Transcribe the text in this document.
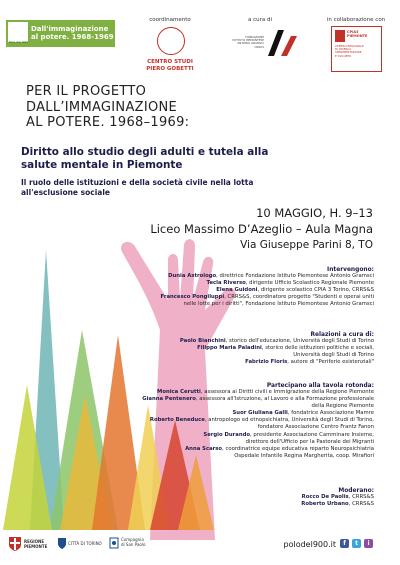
Polo del '900
Dall'immaginazione
al potere. 1968-1969
coordinamento
CENTRO STUDI
PIERO GOBETTI
a cura di
FONDAZIONE
ISTITUTO PIEMONTESE
ANTONIO GRAMSCI ONLUS
in collaborazione con
CPIA3 PIEMONTE
CENTRO REGIONALE
DI RICERCA
SPERIMENTAZIONE
E SVILUPPO
PER IL PROGETTO
DALL’IMMAGINAZIONE
AL POTERE. 1968–1969:
Diritto allo studio degli adulti e tutela alla
salute mentale in Piemonte
Il ruolo delle istituzioni e della società civile nella lotta
all'esclusione sociale
10 MAGGIO, H. 9–13
Liceo Massimo D’Azeglio – Aula Magna
Via Giuseppe Parini 8, TO
Intervengono:
Dunia Astrologo, direttrice Fondazione Istituto Piemontese Antonio Gramsci
Tecla Riverso, dirigente Ufficio Scolastico Regionale Piemonte
Elena Guidoni, dirigente scolastico CPIA 3 Torino, CRRS&S
Francesco Pongiluppi, CRRS&S, coordinatore progetto "Studenti e operai uniti
nelle lotte per i diritti", Fondazione Istituto Piemontese Antonio Gramsci
Relazioni a cura di:
Paolo Bianchini, storico dell'educazione, Università degli Studi di Torino
Filippo Maria Paladini, storico delle istituzioni politiche e sociali,
Università degli Studi di Torino
Fabrizio Floris, autore di "Periferie esistenziali"
Partecipano alla tavola rotonda:
Monica Cerutti, assessora ai Diritti civili e Immigrazione della Regione Piemonte
Gianna Pentenero, assessora all'Istruzione, al Lavoro e alla Formazione professionale
della Regione Piemonte
Suor Giuliana Galli, fondatrice Associazione Mamre
Roberto Beneduce, antropologo ed etnopsichiatra, Università degli Studi di Torino,
fondatore Associazione Centro Frantz Fanon
Sergio Durando, presidente Associazione Camminare Insieme,
direttore dell'Ufficio per la Pastorale dei Migranti
Anna Scarso, coordinatrice equipe educativa reparto Neuropsichiatria
Ospedale Infantile Regina Margherita, coop. Mirafiori
Moderano:
Rocco De Paolis, CRRS&S
Roberto Urbano, CRRS&S
REGIONE PIEMONTE	CITTÀ DI TORINO
Compagnia
di San Paolo	polodel900.it	f	t	i
